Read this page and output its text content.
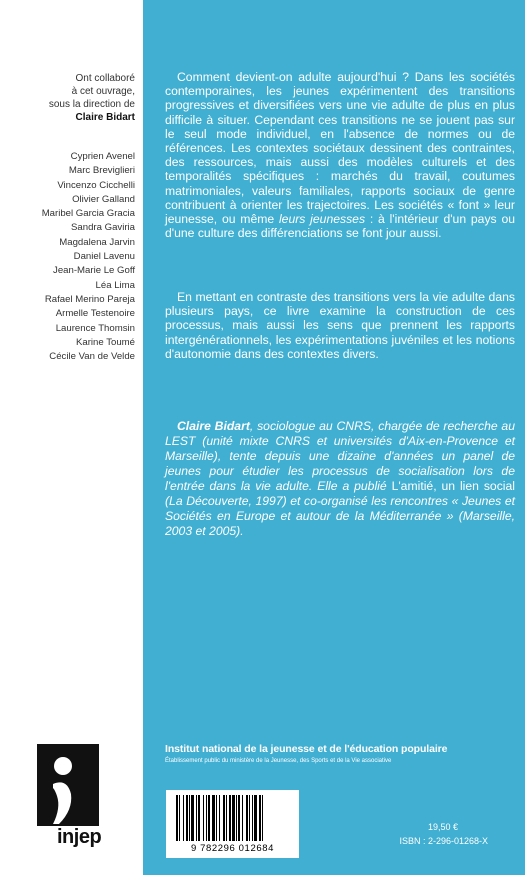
Ont collaboré
à cet ouvrage,
sous la direction de
Claire Bidart
Cyprien Avenel
Marc Breviglieri
Vincenzo Cicchelli
Olivier Galland
Maribel Garcia Gracia
Sandra Gaviria
Magdalena Jarvin
Daniel Lavenu
Jean-Marie Le Goff
Léa Lima
Rafael Merino Pareja
Armelle Testenoire
Laurence Thomsin
Karine Toumé
Cécile Van de Velde
injep

Comment devient-on adulte aujourd'hui ? Dans les sociétés contemporaines, les jeunes expérimentent des transitions progressives et diversifiées vers une vie adulte de plus en plus difficile à situer. Cependant ces transitions ne se jouent pas sur le seul mode individuel, en l'absence de normes ou de références. Les contextes sociétaux dessinent des contraintes, des ressources, mais aussi des modèles culturels et des temporalités spécifiques : marchés du travail, coutumes matrimoniales, valeurs familiales, rapports sociaux de genre contribuent à orienter les trajectoires. Les sociétés « font » leur jeunesse, ou même leurs jeunesses : à l'intérieur d'un pays ou d'une culture des différenciations se font jour aussi.

En mettant en contraste des transitions vers la vie adulte dans plusieurs pays, ce livre examine la construction de ces processus, mais aussi les sens que prennent les rapports intergénérationnels, les expérimentations juvéniles et les notions d'autonomie dans des contextes divers.

Claire Bidart, sociologue au CNRS, chargée de recherche au LEST (unité mixte CNRS et universités d'Aix-en-Provence et Marseille), tente depuis une dizaine d'années un panel de jeunes pour étudier les processus de socialisation lors de l'entrée dans la vie adulte. Elle a publié L'amitié, un lien social (La Découverte, 1997) et co-organisé les rencontres « Jeunes et Sociétés en Europe et autour de la Méditerranée » (Marseille, 2003 et 2005).

Institut national de la jeunesse et de l'éducation populaire
Établissement public du ministère de la Jeunesse, des Sports et de la Vie associative
9 782296 012684
19,50 €
ISBN : 2-296-01268-X
